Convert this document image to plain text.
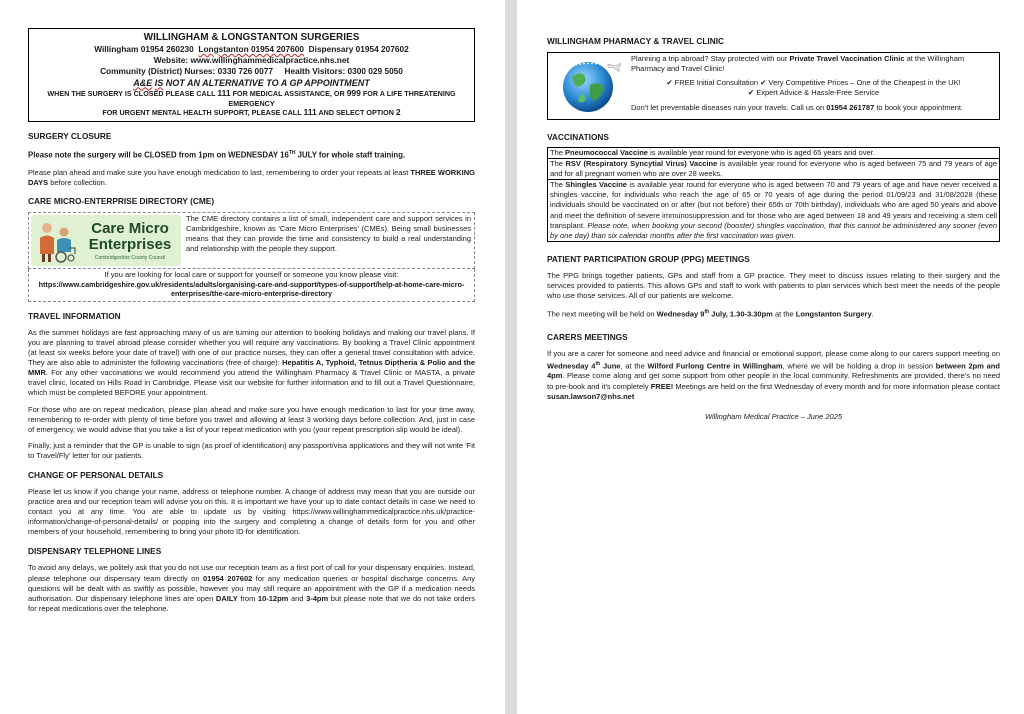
WILLINGHAM & LONGSTANTON SURGERIES
Willingham 01954 260230 Longstanton 01954 207600 Dispensary 01954 207602
Website: www.willinghammedicalpractice.nhs.net
Community (District) Nurses: 0330 726 0077 Health Visitors: 0300 029 5050
A&E IS NOT AN ALTERNATIVE TO A GP APPOINTMENT
WHEN THE SURGERY IS CLOSED PLEASE CALL 111 FOR MEDICAL ASSISTANCE, OR 999 FOR A LIFE THREATENING EMERGENCY
FOR URGENT MENTAL HEALTH SUPPORT, PLEASE CALL 111 AND SELECT OPTION 2
SURGERY CLOSURE

Please note the surgery will be CLOSED from 1pm on WEDNESDAY 16TH JULY for whole staff training.

Please plan ahead and make sure you have enough medication to last, remembering to order your repeats at least THREE WORKING DAYS before collection.

CARE MICRO-ENTERPRISE DIRECTORY (CME)
Care Micro
Enterprises
Cambridgeshire County Council
The CME directory contains a list of small, independent care and support services in Cambridgeshire, known as 'Care Micro Enterprises' (CMEs). Being small businesses means that they can provide the time and consistency to build a real understanding and relationship with the people they support.
If you are looking for local care or support for yourself or someone you know please visit:
https://www.cambridgeshire.gov.uk/residents/adults/organising-care-and-support/types-of-support/help-at-home-care-micro-enterprises/the-care-micro-enterprise-directory
TRAVEL INFORMATION

As the summer holidays are fast approaching many of us are turning our attention to booking holidays and making our travel plans. If you are planning to travel abroad please consider whether you will require any vaccinations. By booking a Travel Clinic appointment (at least six weeks before your date of travel) with one of our practice nurses, they can offer a general travel consultation with advice. They are also able to administer the following vaccinations (free of charge): Hepatitis A, Typhoid, Tetnus Diptheria & Polio and the MMR. For any other vaccinations we would recommend you attend the Willingham Pharmacy & Travel Clinic or MASTA, a private travel clinic, located on Hills Road in Cambridge. Please visit our website for further information and to fill out a Travel Questionnaire, which must be completed BEFORE your appointment.

For those who are on repeat medication, please plan ahead and make sure you have enough medication to last for your time away, remembering to re-order with plenty of time before you travel and allowing at least 3 working days before collection. And, just in case of emergency, we would advise that you take a list of your repeat medication with you (your repeat prescription slip would be ideal).

Finally, just a reminder that the GP is unable to sign (as proof of identification) any passport/visa applications and they will not write 'Fit to Travel/Fly' letter for our patients.

CHANGE OF PERSONAL DETAILS

Please let us know if you change your name, address or telephone number. A change of address may mean that you are outside our practice area and our reception team will advise you on this. It is important we have your up to date contact details in case we need to contact you at any time. You are able to update us by visiting https://www.willinghammedicalpractice.nhs.uk/practice-information/change-of-personal-details/ or popping into the surgery and completing a change of details form for you and other members of your household, remembering to bring your photo ID for identification.

DISPENSARY TELEPHONE LINES

To avoid any delays, we politely ask that you do not use our reception team as a first port of call for your dispensary enquiries. Instead, please telephone our dispensary team directly on 01954 207602 for any medication queries or hospital discharge concerns. Any questions will be dealt with as swiftly as possible, however you may still require an appointment with the GP if a medication needs authorisation. Our dispensary telephone lines are open DAILY from 10-12pm and 3-4pm but please note that we do not take orders for repeat medications over the telephone.

WILLINGHAM PHARMACY & TRAVEL CLINIC
Planning a trip abroad? Stay protected with our Private Travel Vaccination Clinic at the Willingham Pharmacy and Travel Clinic!
✔ FREE Initial Consultation ✔ Very Competitive Prices – One of the Cheapest in the UK!
✔ Expert Advice & Hassle-Free Service
Don't let preventable diseases ruin your travels. Call us on 01954 261787 to book your appointment.
VACCINATIONS
The Pneumococcal Vaccine is available year round for everyone who is aged 65 years and over.
The RSV (Respiratory Syncytial Virus) Vaccine is available year round for everyone who is aged between 75 and 79 years of age and for all pregnant women who are over 28 weeks.
The Shingles Vaccine is available year round for everyone who is aged between 70 and 79 years of age and have never received a shingles vaccine, for individuals who reach the age of 65 or 70 years of age during the period 01/09/23 and 31/08/2028 (these individuals should be vaccinated on or after (but not before) their 65th or 70th birthday), individuals who are aged 50 years and above and meet the definition of severe immunosuppression and for those who are aged between 18 and 49 years and receiving a stem cell transplant. Please note, when booking your second (booster) shingles vaccination, that this cannot be administered any sooner (even by one day) than six calendar months after the first vaccination was given.
PATIENT PARTICIPATION GROUP (PPG) MEETINGS

The PPG brings together patients, GPs and staff from a GP practice. They meet to discuss issues relating to their surgery and the services provided to patients. This allows GPs and staff to work with patients to plan services which best meet the needs of the people who use those services. All of our patients are welcome.

The next meeting will be held on Wednesday 9th July, 1.30-3.30pm at the Longstanton Surgery.

CARERS MEETINGS

If you are a carer for someone and need advice and financial or emotional support, please come along to our carers support meeting on Wednesday 4th June, at the Wilford Furlong Centre in Willingham, where we will be holding a drop in session between 2pm and 4pm. Please come along and get some support from other people in the local community. Refreshments are provided, there's no need to pre-book and it's completely FREE! Meetings are held on the first Wednesday of every month and for more information please contact susan.lawson7@nhs.net

Willingham Medical Practice – June 2025
